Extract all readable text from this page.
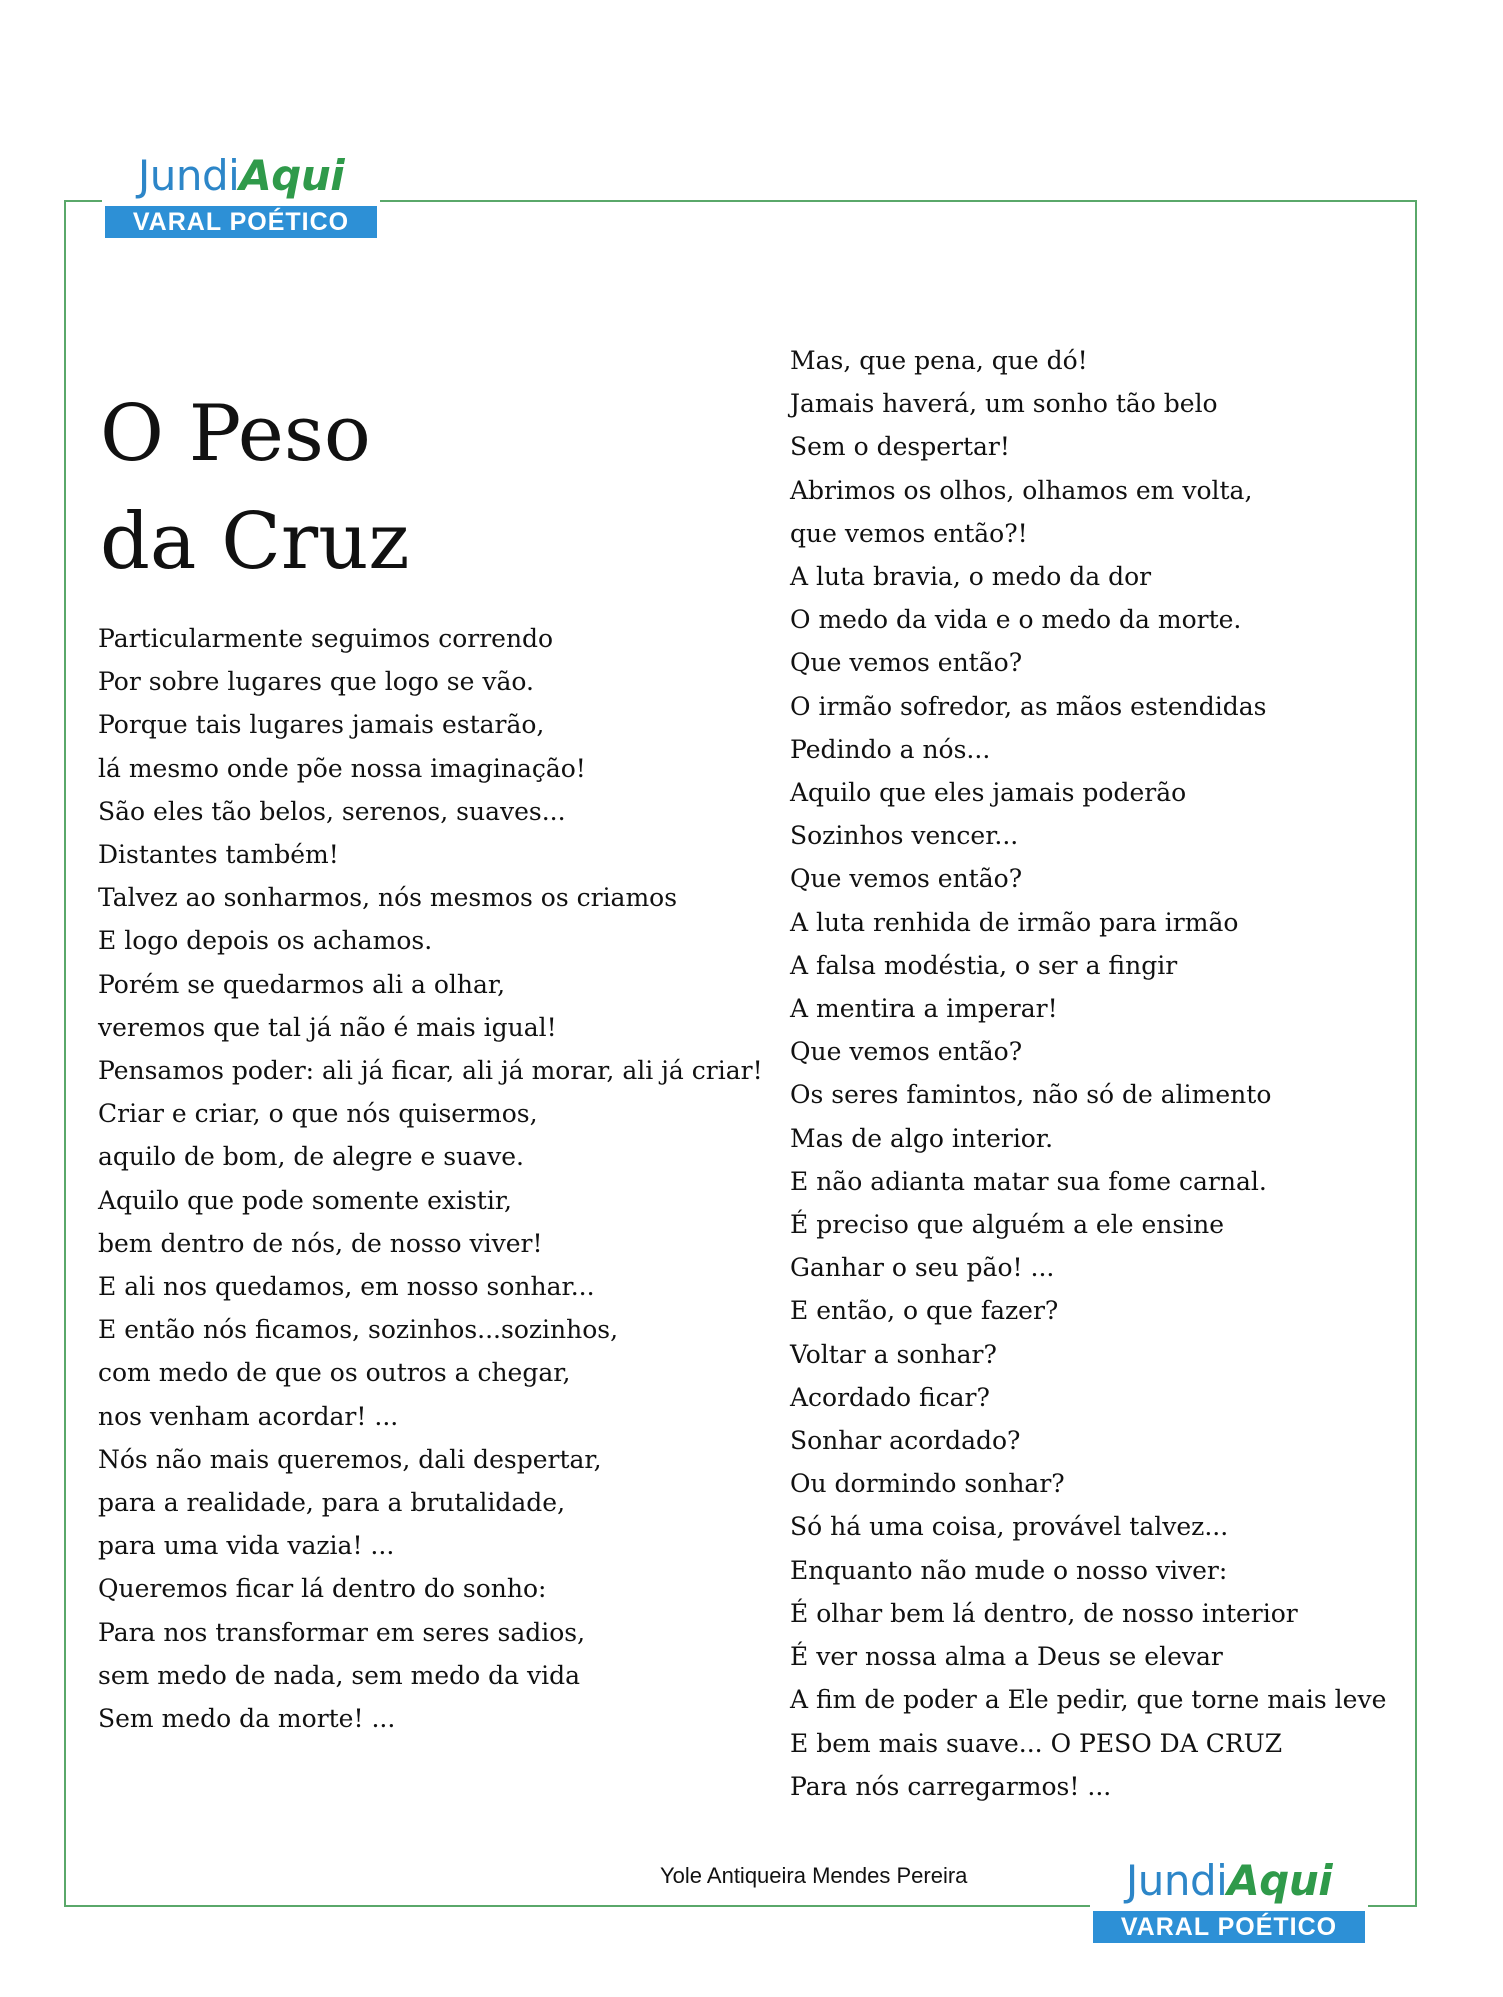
JundiAqui
VARAL POÉTICO
O Peso
da Cruz
Particularmente seguimos correndo
Por sobre lugares que logo se vão.
Porque tais lugares jamais estarão,
lá mesmo onde põe nossa imaginação!
São eles tão belos, serenos, suaves...
Distantes também!
Talvez ao sonharmos, nós mesmos os criamos
E logo depois os achamos.
Porém se quedarmos ali a olhar,
veremos que tal já não é mais igual!
Pensamos poder: ali já ficar, ali já morar, ali já criar!
Criar e criar, o que nós quisermos,
aquilo de bom, de alegre e suave.
Aquilo que pode somente existir,
bem dentro de nós, de nosso viver!
E ali nos quedamos, em nosso sonhar...
E então nós ficamos, sozinhos...sozinhos,
com medo de que os outros a chegar,
nos venham acordar! ...
Nós não mais queremos, dali despertar,
para a realidade, para a brutalidade,
para uma vida vazia! ...
Queremos ficar lá dentro do sonho:
Para nos transformar em seres sadios,
sem medo de nada, sem medo da vida
Sem medo da morte! ...
Mas, que pena, que dó!
Jamais haverá, um sonho tão belo
Sem o despertar!
Abrimos os olhos, olhamos em volta,
que vemos então?!
A luta bravia, o medo da dor
O medo da vida e o medo da morte.
Que vemos então?
O irmão sofredor, as mãos estendidas
Pedindo a nós...
Aquilo que eles jamais poderão
Sozinhos vencer...
Que vemos então?
A luta renhida de irmão para irmão
A falsa modéstia, o ser a fingir
A mentira a imperar!
Que vemos então?
Os seres famintos, não só de alimento
Mas de algo interior.
E não adianta matar sua fome carnal.
É preciso que alguém a ele ensine
Ganhar o seu pão! ...
E então, o que fazer?
Voltar a sonhar?
Acordado ficar?
Sonhar acordado?
Ou dormindo sonhar?
Só há uma coisa, provável talvez...
Enquanto não mude o nosso viver:
É olhar bem lá dentro, de nosso interior
É ver nossa alma a Deus se elevar
A fim de poder a Ele pedir, que torne mais leve
E bem mais suave... O PESO DA CRUZ
Para nós carregarmos! ...
Yole Antiqueira Mendes Pereira	JundiAqui
VARAL POÉTICO
